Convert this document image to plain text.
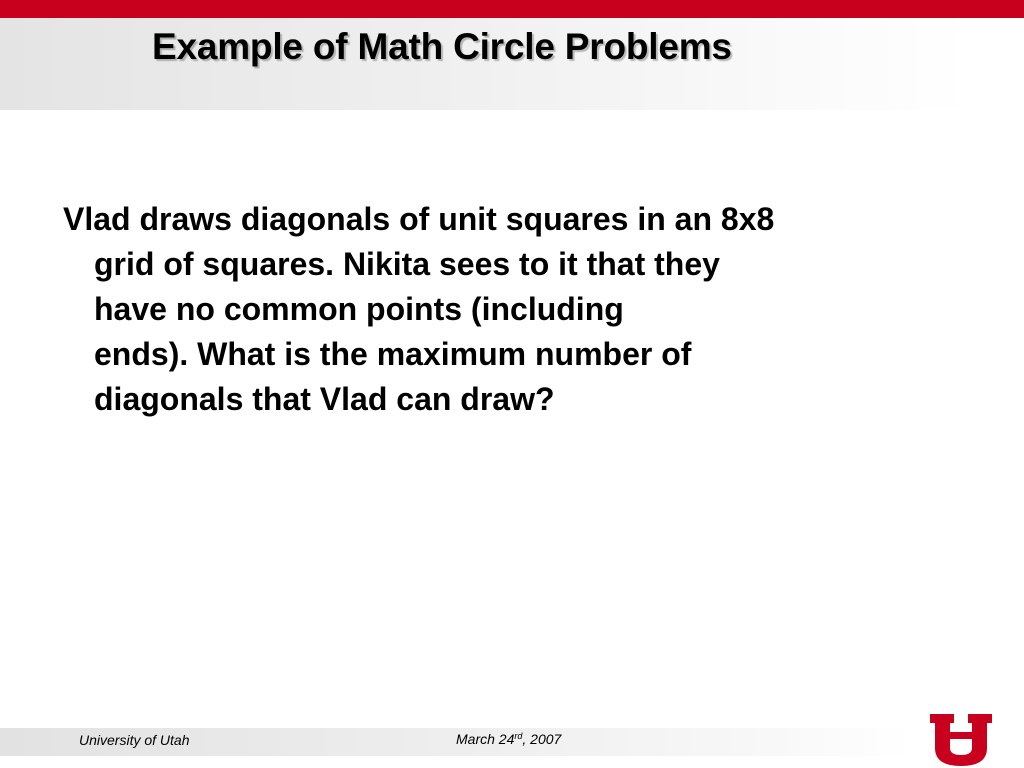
Example of Math Circle Problems
Vlad draws diagonals of unit squares in an 8x8
grid of squares. Nikita sees to it that they
have no common points (including
ends). What is the maximum number of
diagonals that Vlad can draw?
University of Utah	March 24rd, 2007
